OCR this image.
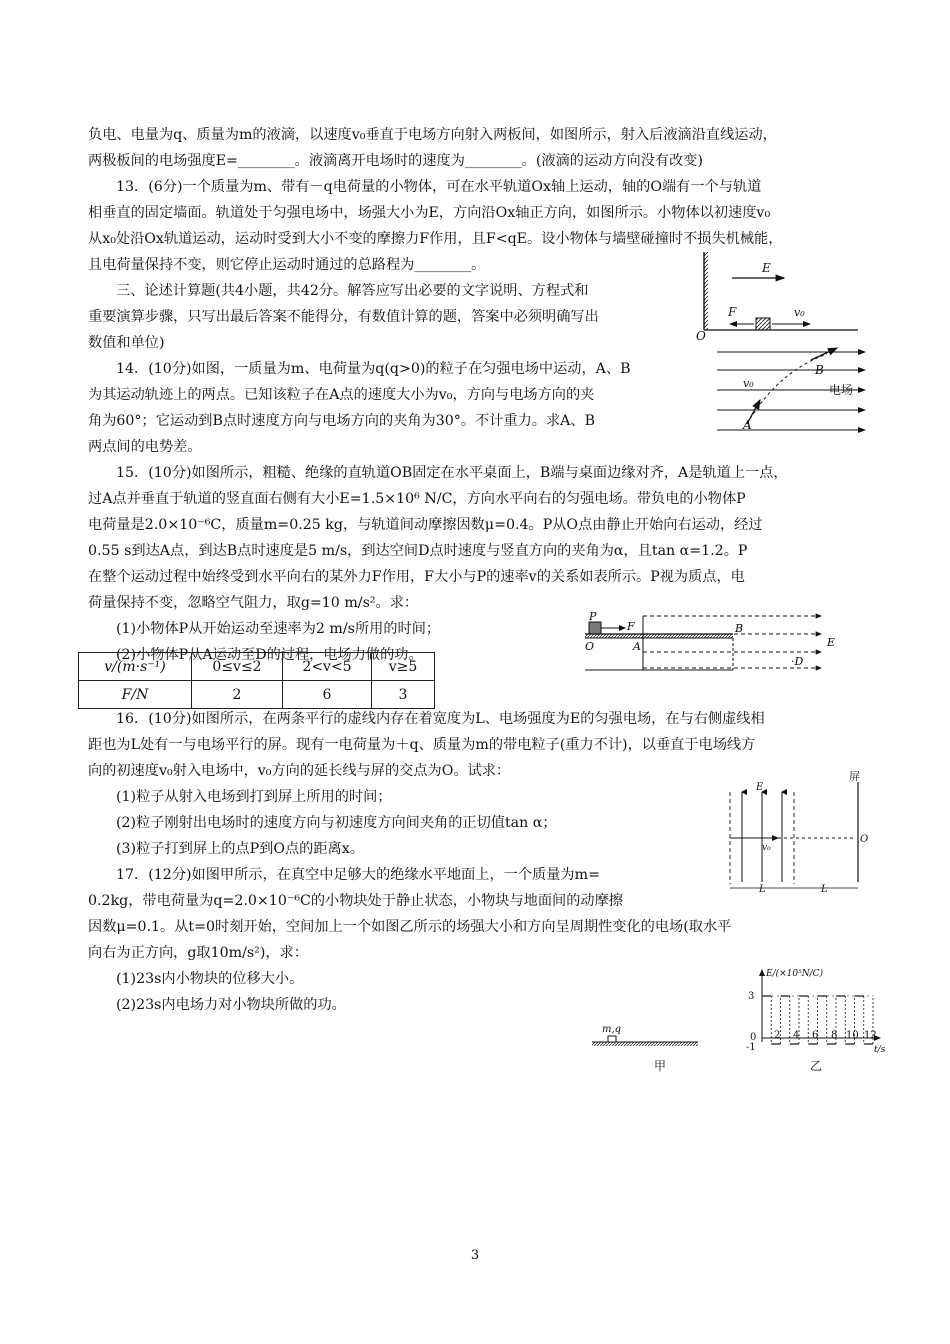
负电、电量为q、质量为m的液滴，以速度v₀垂直于电场方向射入两板间，如图所示，射入后液滴沿直线运动，
两极板间的电场强度E=________。液滴离开电场时的速度为________。(液滴的运动方向没有改变)
13．(6分)一个质量为m、带有－q电荷量的小物体，可在水平轨道Ox轴上运动，轴的O端有一个与轨道
相垂直的固定墙面。轨道处于匀强电场中，场强大小为E，方向沿Ox轴正方向，如图所示。小物体以初速度v₀
从x₀处沿Ox轨道运动，运动时受到大小不变的摩擦力F作用，且F<qE。设小物体与墙壁碰撞时不损失机械能，
且电荷量保持不变，则它停止运动时通过的总路程为________。
三、论述计算题(共4小题，共42分。解答应写出必要的文字说明、方程式和
重要演算步骤，只写出最后答案不能得分，有数值计算的题，答案中必须明确写出
数值和单位)
14．(10分)如图，一质量为m、电荷量为q(q>0)的粒子在匀强电场中运动，A、B
为其运动轨迹上的两点。已知该粒子在A点的速度大小为v₀，方向与电场方向的夹
角为60°；它运动到B点时速度方向与电场方向的夹角为30°。不计重力。求A、B
两点间的电势差。
15．(10分)如图所示，粗糙、绝缘的直轨道OB固定在水平桌面上，B端与桌面边缘对齐，A是轨道上一点，
过A点并垂直于轨道的竖直面右侧有大小E=1.5×10⁶ N/C，方向水平向右的匀强电场。带负电的小物体P
电荷量是2.0×10⁻⁶C，质量m=0.25 kg，与轨道间动摩擦因数μ=0.4。P从O点由静止开始向右运动，经过
0.55 s到达A点，到达B点时速度是5 m/s，到达空间D点时速度与竖直方向的夹角为α，且tan α=1.2。P
在整个运动过程中始终受到水平向右的某外力F作用，F大小与P的速率v的关系如表所示。P视为质点，电
荷量保持不变，忽略空气阻力，取g=10 m/s²。求：
(1)小物体P从开始运动至速率为2 m/s所用的时间；
(2)小物体P从A运动至D的过程，电场力做的功。
16．(10分)如图所示，在两条平行的虚线内存在着宽度为L、电场强度为E的匀强电场，在与右侧虚线相
距也为L处有一与电场平行的屏。现有一电荷量为＋q、质量为m的带电粒子(重力不计)，以垂直于电场线方
向的初速度v₀射入电场中，v₀方向的延长线与屏的交点为O。试求：
(1)粒子从射入电场到打到屏上所用的时间；
(2)粒子刚射出电场时的速度方向与初速度方向间夹角的正切值tan α；
(3)粒子打到屏上的点P到O点的距离x。
17．(12分)如图甲所示，在真空中足够大的绝缘水平地面上，一个质量为m=
0.2kg，带电荷量为q=2.0×10⁻⁶C的小物块处于静止状态，小物块与地面间的动摩擦
因数μ=0.1。从t=0时刻开始，空间加上一个如图乙所示的场强大小和方向呈周期性变化的电场(取水平
向右为正方向，g取10m/s²)，求：
(1)23s内小物块的位移大小。
(2)23s内电场力对小物块所做的功。
E
F	v₀
O
A
B
v₀	电场
P
F
O	A
B
·D
E
v/(m·s⁻¹)	0≤v≤2	2<v<5	v≥5
F/N	2	6	3
E
屏
v₀
O
L	L
m,q
甲
E/(×10⁵N/C)
t/s
3
0
-1
2 4 6 8 10 12
乙
3
